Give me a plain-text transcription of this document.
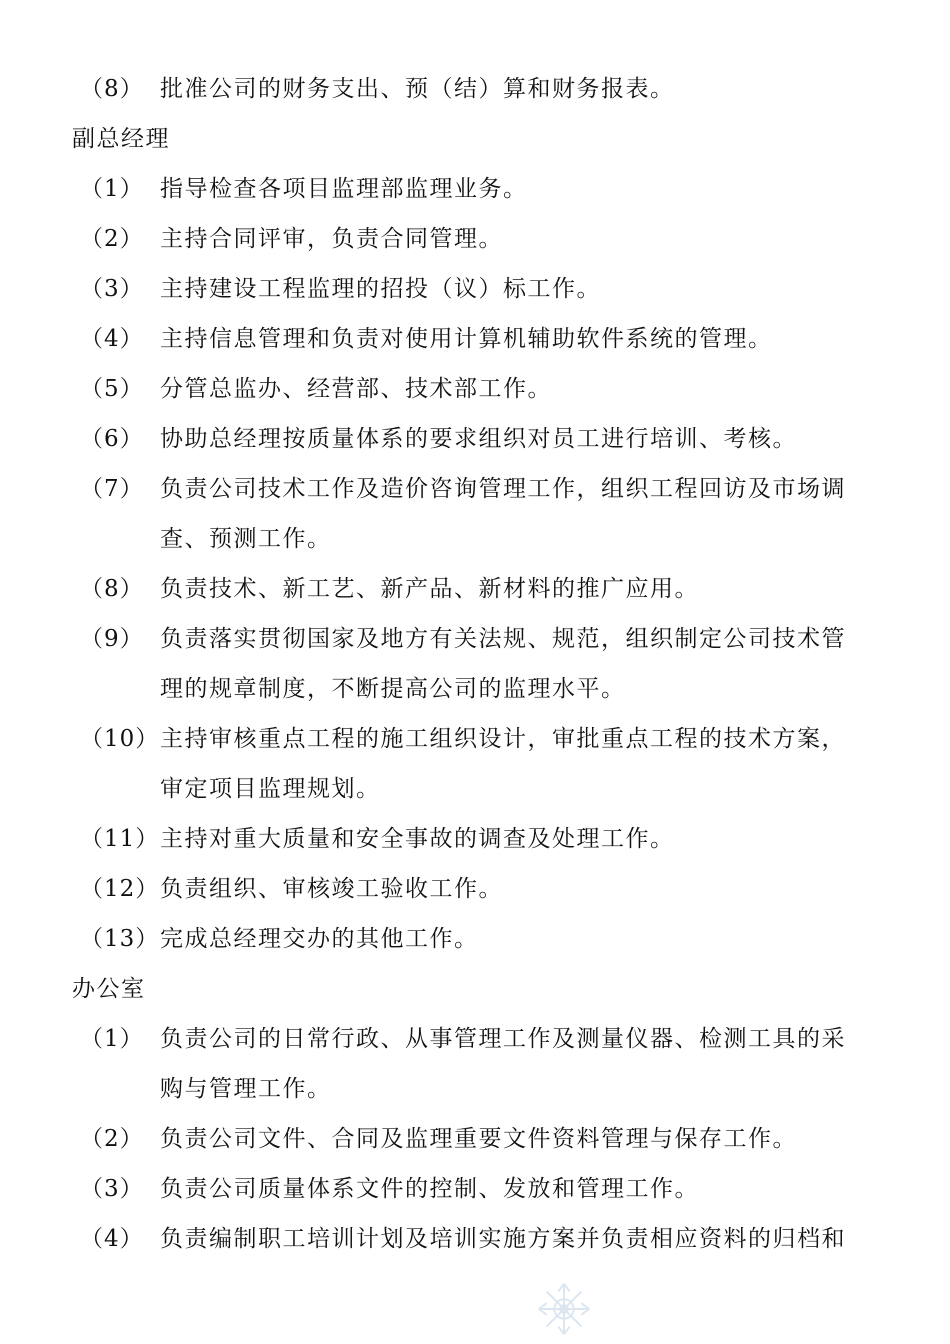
（8） 批准公司的财务支出、预（结）算和财务报表。
副总经理
（1） 指导检查各项目监理部监理业务。
（2） 主持合同评审，负责合同管理。
（3） 主持建设工程监理的招投（议）标工作。
（4） 主持信息管理和负责对使用计算机辅助软件系统的管理。
（5） 分管总监办、经营部、技术部工作。
（6） 协助总经理按质量体系的要求组织对员工进行培训、考核。
（7） 负责公司技术工作及造价咨询管理工作，组织工程回访及市场调
查、预测工作。
（8） 负责技术、新工艺、新产品、新材料的推广应用。
（9） 负责落实贯彻国家及地方有关法规、规范，组织制定公司技术管
理的规章制度，不断提高公司的监理水平。
（10） 主持审核重点工程的施工组织设计，审批重点工程的技术方案，
审定项目监理规划。
（11） 主持对重大质量和安全事故的调查及处理工作。
（12） 负责组织、审核竣工验收工作。
（13） 完成总经理交办的其他工作。
办公室
（1） 负责公司的日常行政、从事管理工作及测量仪器、检测工具的采
购与管理工作。
（2） 负责公司文件、合同及监理重要文件资料管理与保存工作。
（3） 负责公司质量体系文件的控制、发放和管理工作。
（4） 负责编制职工培训计划及培训实施方案并负责相应资料的归档和
